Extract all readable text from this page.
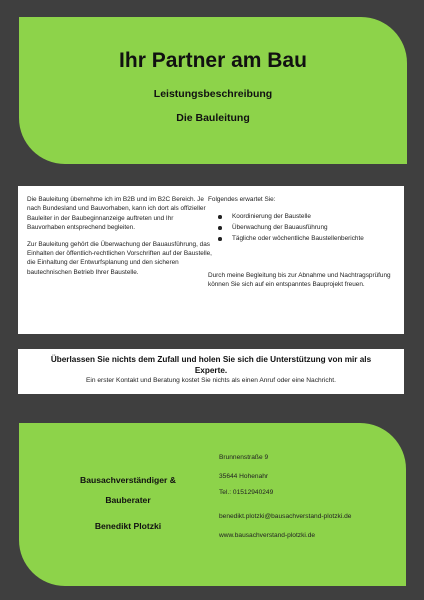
Ihr Partner am Bau

Leistungsbeschreibung

Die Bauleitung

Die Bauleitung übernehme ich im B2B und im B2C Bereich. Je nach Bundesland und Bauvorhaben, kann ich dort als offizieller Bauleiter in der Baubeginnanzeige auftreten und Ihr Bauvorhaben entsprechend begleiten.

Zur Bauleitung gehört die Überwachung der Bauausführung, das Einhalten der öffentlich-rechtlichen Vorschriften auf der Baustelle, die Einhaltung der Entwurfsplanung und den sicheren bautechnischen Betrieb Ihrer Baustelle.

Folgendes erwartet Sie:

Koordinierung der Baustelle
Überwachung der Bauausführung
Tägliche oder wöchentliche Baustellenberichte

Durch meine Begleitung bis zur Abnahme und Nachtragsprüfung können Sie sich auf ein entspanntes Bauprojekt freuen.

Überlassen Sie nichts dem Zufall und holen Sie sich die Unterstützung von mir als Experte.

Ein erster Kontakt und Beratung kostet Sie nichts als einen Anruf oder eine Nachricht.

Bausachverständiger &
Bauberater
Benedikt Plotzki
Brunnenstraße 9
35644 Hohenahr
Tel.: 01512940249
benedikt.plotzki@bausachverstand-plotzki.de
www.bausachverstand-plotzki.de
